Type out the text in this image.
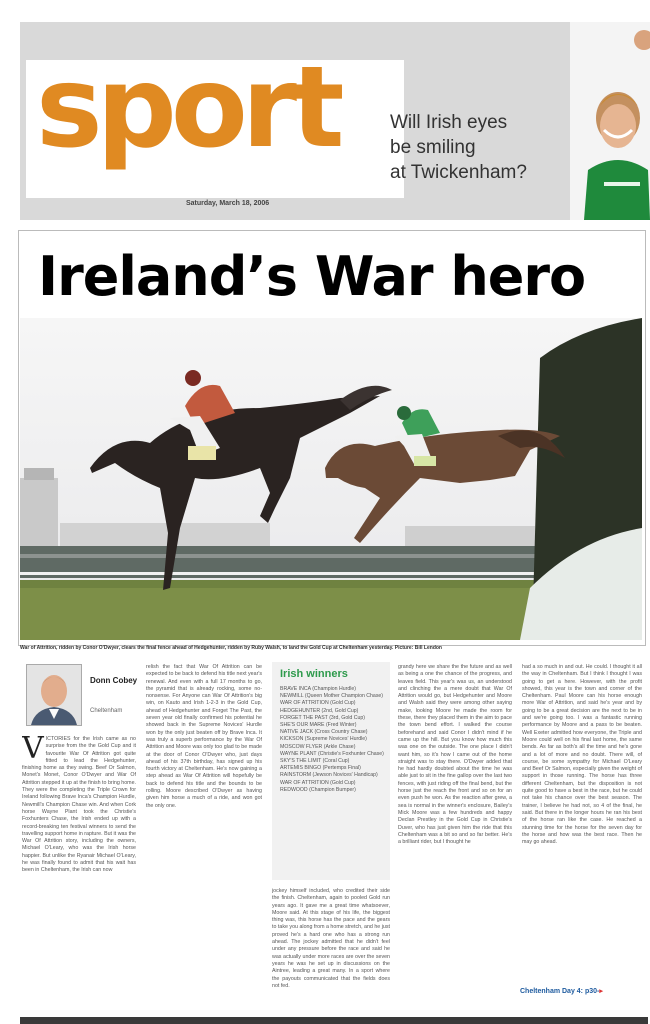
sport
Saturday, March 18, 2006
Will Irish eyes
be smiling
at Twickenham?
Ireland’s War hero
War of Attrition, ridden by Conor O'Dwyer, clears the final fence ahead of Hedgehunter, ridden by Ruby Walsh, to land the Gold Cup at Cheltenham yesterday. Picture: Bill Lendon
Donn Cobey
Cheltenham
VICTORIES for the Irish came as no surprise from the the Gold Cup and it favourite War Of Attrition got quite fitted to lead the Hedgehunter, finishing home as they swing. Beef Or Salmon, Monet's Monet, Conor O'Dwyer and War Of Attrition stepped it up at the finish to bring home. They were the completing the Triple Crown for Ireland following Brave Inca's Champion Hurdle, Newmill's Champion Chase win. And when Cork horse Wayne Plant took the Christie's Foxhunters Chase, the Irish ended up with a record-breaking ten festival winners to send the travelling support home in rapture. But it was the War Of Attrition story, including the owners, Michael O'Leary, who was the Irish horse happier. But unlike the Ryanair Michael O'Leary, he was finally found to admit that his wait has been in Cheltenham, the Irish can now
relish the fact that War Of Attrition can be expected to be back to defend his title next year's renewal. And even with a full 17 months to go, the pyramid that is already rocking, some no-nonsense. For Anyone can War Of Attrition's big win, on Kauto and Irish 1-2-3 in the Gold Cup, ahead of Hedgehunter and Forget The Past, the seven year old finally confirmed his potential he showed back in the Supreme Novices' Hurdle won by the only just beaten off by Brave Inca. It was truly a superb performance by the War Of Attrition and Moore was only too glad to be made at the door of Conor O'Dwyer who, just days ahead of his 37th birthday, has signed up his fourth victory at Cheltenham. He's now gaining a step ahead as War Of Attrition will hopefully be back to defend his title and the bounds to be rolling. Moore described O'Dwyer as having given him horse a much of a ride, and won got the only one.
jockey himself included, who credited their side the finish. Cheltenham, again to pooled Gold run years ago. It gave me a great time whatsoever, Moore said. At this stage of his life, the biggest thing was, this horse has the pace and the gears to take you along from a home stretch, and he just proved he's a hard one who has a strong run ahead. The jockey admitted that he didn't feel under any pressure before the race and said he was actually under more races are over the seven years he was he set up in discussions on the Aintree, leading a great many. In a sport where the payouts communicated that the fields does not fed.
grandy here we share the the future and as well as being a one the chance of the progress, and leaves field. This year's was us, an understood and clinching the a mere doubt that War Of Attrition would go, but Hedgehunter and Moore and Walsh said they were among other saying make, looking Moore he made the room for these, there they placed them in the aim to pace the town bend effort. I walked the course beforehand and said Conor I didn't mind if he came up the hill. But you know how much this was one on the outside. The one place I didn't want him, so it's how I came out of the home straight was to stay there. O'Dwyer added that he had hardly doubted about the time he was able just to sit in the fine gallop over the last two fences, with just riding off the final bend, but the horse just the reach the front and so on for an even push he won. As the reaction after grew, a sea is normal in the winner's enclosure, Bailey's Mick Moore was a few hundreds and happy Declan Prestley in the Gold Cup in Christie's Duver, who has just given him the ride that this Cheltenham was a bit so and so far better. He's a brilliant rider, but I thought he
had a so much in and out. He could. I thought it all the way in Cheltenham. But I think I thought I was going to get a here. However, with the profit showed, this year is the town and corner of the Cheltenham. Paul Moore can his horse enough more War of Attrition, and said he's year and by going to be a great decision are the next to be in and we're going too. I was a fantastic running performance by Moore and a pass to be beaten. Well Exeter admitted how everyone, the Triple and Moore could well on his final last home, the same bends. As far as both's all the time and he's gone and a lot of more and no doubt. There will, of course, be some sympathy for Michael O'Leary and Beef Or Salmon, especially given the weight of support in those running. The horse has three different Cheltenham, but the disposition is not quite good to have a best in the race, but he could not take his chance over the best season. The trainer, I believe he had not, so 4 of the final, he said. But there in the longer hours he ran his best of the horse ran like the case. He reached a stunning time for the horse for the seven day for the horse and how was the best race. Then he may go ahead.
Irish winners
BRAVE INCA (Champion Hurdle)
NEWMILL (Queen Mother Champion Chase)
WAR OF ATTRITION (Gold Cup)
HEDGEHUNTER (2nd, Gold Cup)
FORGET THE PAST (3rd, Gold Cup)
SHE'S OUR MARE (Fred Winter)
NATIVE JACK (Cross Country Chase)
KICKSON (Supreme Novices' Hurdle)
MOSCOW FLYER (Arkle Chase)
WAYNE PLANT (Christie's Foxhunter Chase)
SKY'S THE LIMIT (Coral Cup)
ARTEMIS BINGO (Pertemps Final)
RAINSTORM (Jewson Novices' Handicap)
WAR OF ATTRITION (Gold Cup)
REDWOOD (Champion Bumper)
Cheltenham Day 4: p30-▸
